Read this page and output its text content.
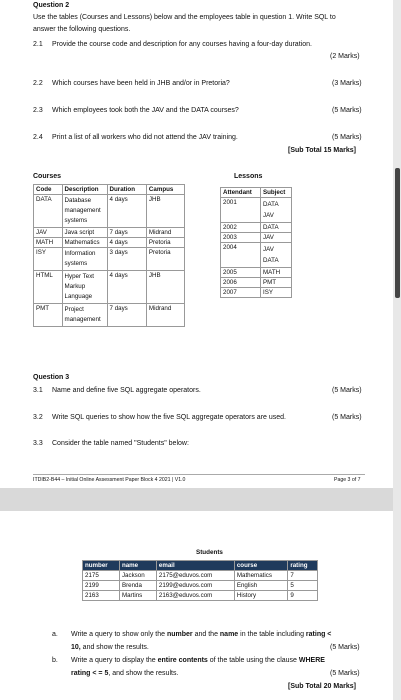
Question 2
Use the tables (Courses and Lessons) below and the employees table in question 1. Write SQL to
answer the following questions.
2.1 Provide the course code and description for any courses having a four-day duration.
(2 Marks)
2.2 Which courses have been held in JHB and/or in Pretoria?	(3 Marks)
2.3 Which employees took both the JAV and the DATA courses?	(5 Marks)
2.4 Print a list of all workers who did not attend the JAV training.	(5 Marks)
[Sub Total 15 Marks]
Courses
Code	Description	Duration	Campus
DATA	Database management systems	4 days	JHB
JAV	Java script	7 days	Midrand
MATH	Mathematics	4 days	Pretoria
ISY	Information systems	3 days	Pretoria
HTML	Hyper Text Markup Language	4 days	JHB
PMT	Project management	7 days	Midrand
Lessons
Attendant	Subject
2001	DATA JAV
2002	DATA
2003	JAV
2004	JAV DATA
2005	MATH
2006	PMT
2007	ISY
Question 3
3.1 Name and define five SQL aggregate operators.	(5 Marks)
3.2 Write SQL queries to show how the five SQL aggregate operators are used.	(5 Marks)
3.3 Consider the table named "Students" below:
ITDIB2-B44 – Initial Online Assessment Paper Block 4 2021 | V1.0	Page 3 of 7
Students
number	name	email	course	rating
2175	Jackson	2175@eduvos.com	Mathematics	7
2199	Brenda	2199@eduvos.com	English	5
2163	Martins	2163@eduvos.com	History	9
a. Write a query to show only the number and the name in the table including rating <
10, and show the results.	(5 Marks)
b. Write a query to display the entire contents of the table using the clause WHERE
rating < = 5, and show the results.	(5 Marks)
[Sub Total 20 Marks]
